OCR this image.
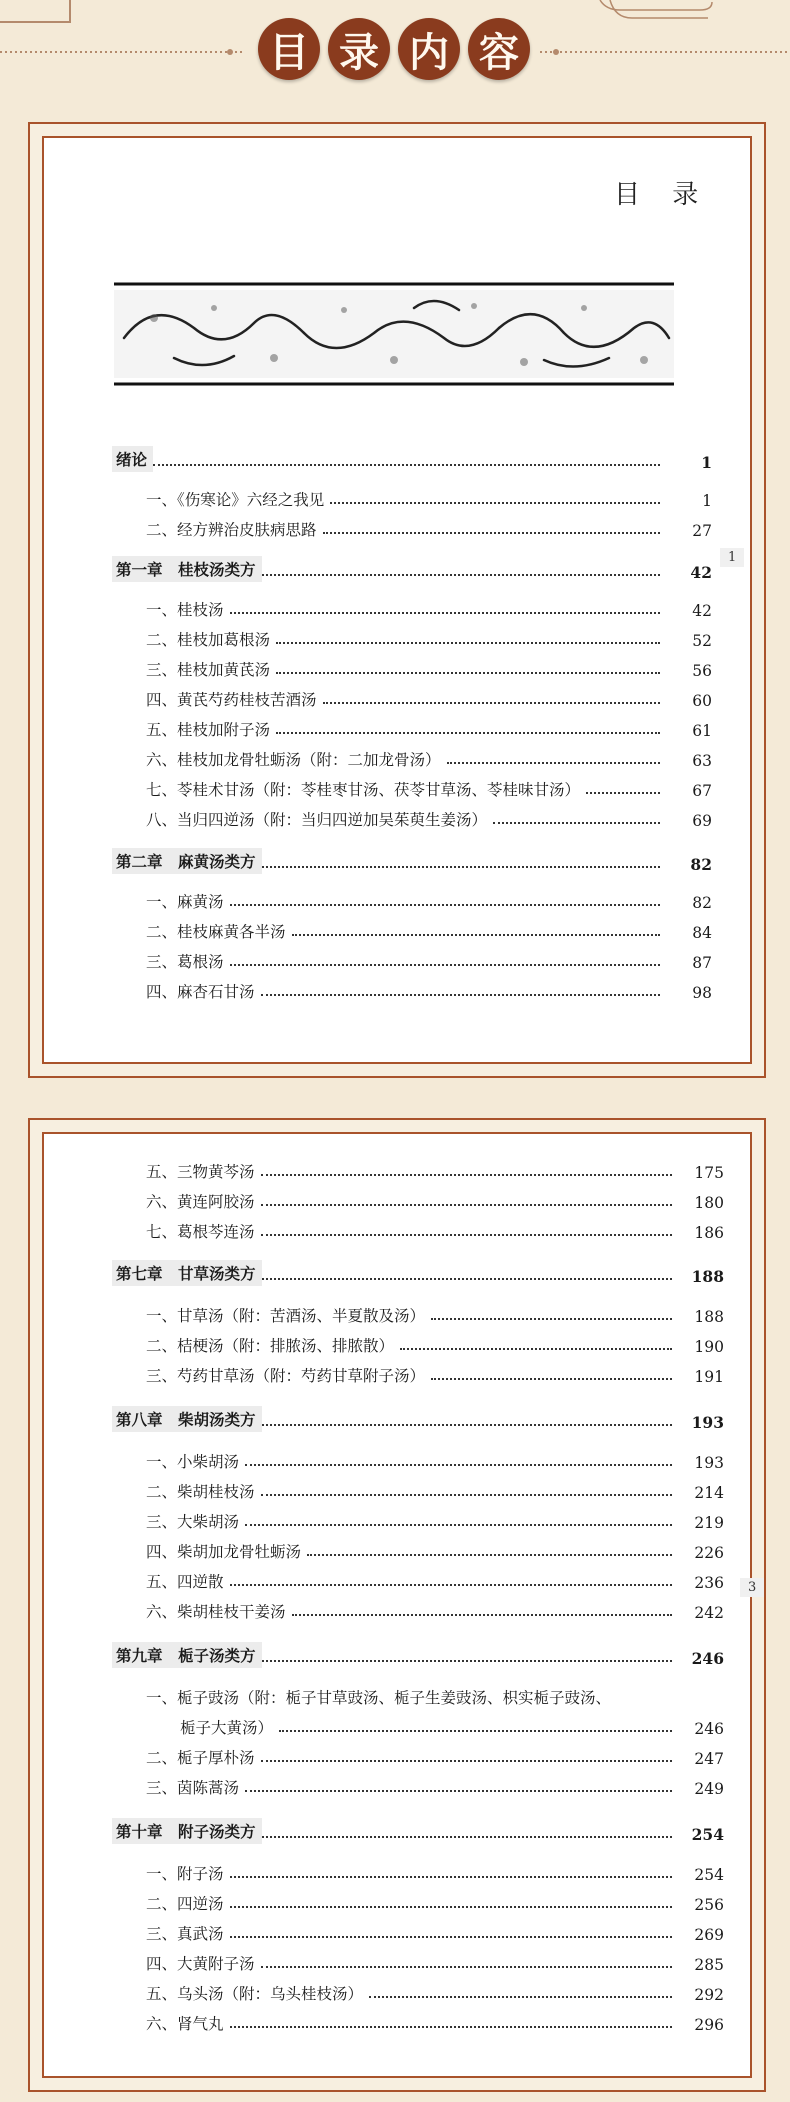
目 录 内 容
目 录
1
绪论	1
一、《伤寒论》六经之我见	1
二、经方辨治皮肤病思路	27
第一章　桂枝汤类方	42
一、桂枝汤	42
二、桂枝加葛根汤	52
三、桂枝加黄芪汤	56
四、黄芪芍药桂枝苦酒汤	60
五、桂枝加附子汤	61
六、桂枝加龙骨牡蛎汤（附：二加龙骨汤）	63
七、苓桂术甘汤（附：苓桂枣甘汤、茯苓甘草汤、苓桂味甘汤）	67
八、当归四逆汤（附：当归四逆加吴茱萸生姜汤）	69
第二章　麻黄汤类方	82
一、麻黄汤	82
二、桂枝麻黄各半汤	84
三、葛根汤	87
四、麻杏石甘汤	98
3
五、三物黄芩汤	175
六、黄连阿胶汤	180
七、葛根芩连汤	186
第七章　甘草汤类方	188
一、甘草汤（附：苦酒汤、半夏散及汤）	188
二、桔梗汤（附：排脓汤、排脓散）	190
三、芍药甘草汤（附：芍药甘草附子汤）	191
第八章　柴胡汤类方	193
一、小柴胡汤	193
二、柴胡桂枝汤	214
三、大柴胡汤	219
四、柴胡加龙骨牡蛎汤	226
五、四逆散	236
六、柴胡桂枝干姜汤	242
第九章　栀子汤类方	246
一、栀子豉汤（附：栀子甘草豉汤、栀子生姜豉汤、枳实栀子豉汤、
栀子大黄汤）	246
二、栀子厚朴汤	247
三、茵陈蒿汤	249
第十章　附子汤类方	254
一、附子汤	254
二、四逆汤	256
三、真武汤	269
四、大黄附子汤	285
五、乌头汤（附：乌头桂枝汤）	292
六、肾气丸	296
